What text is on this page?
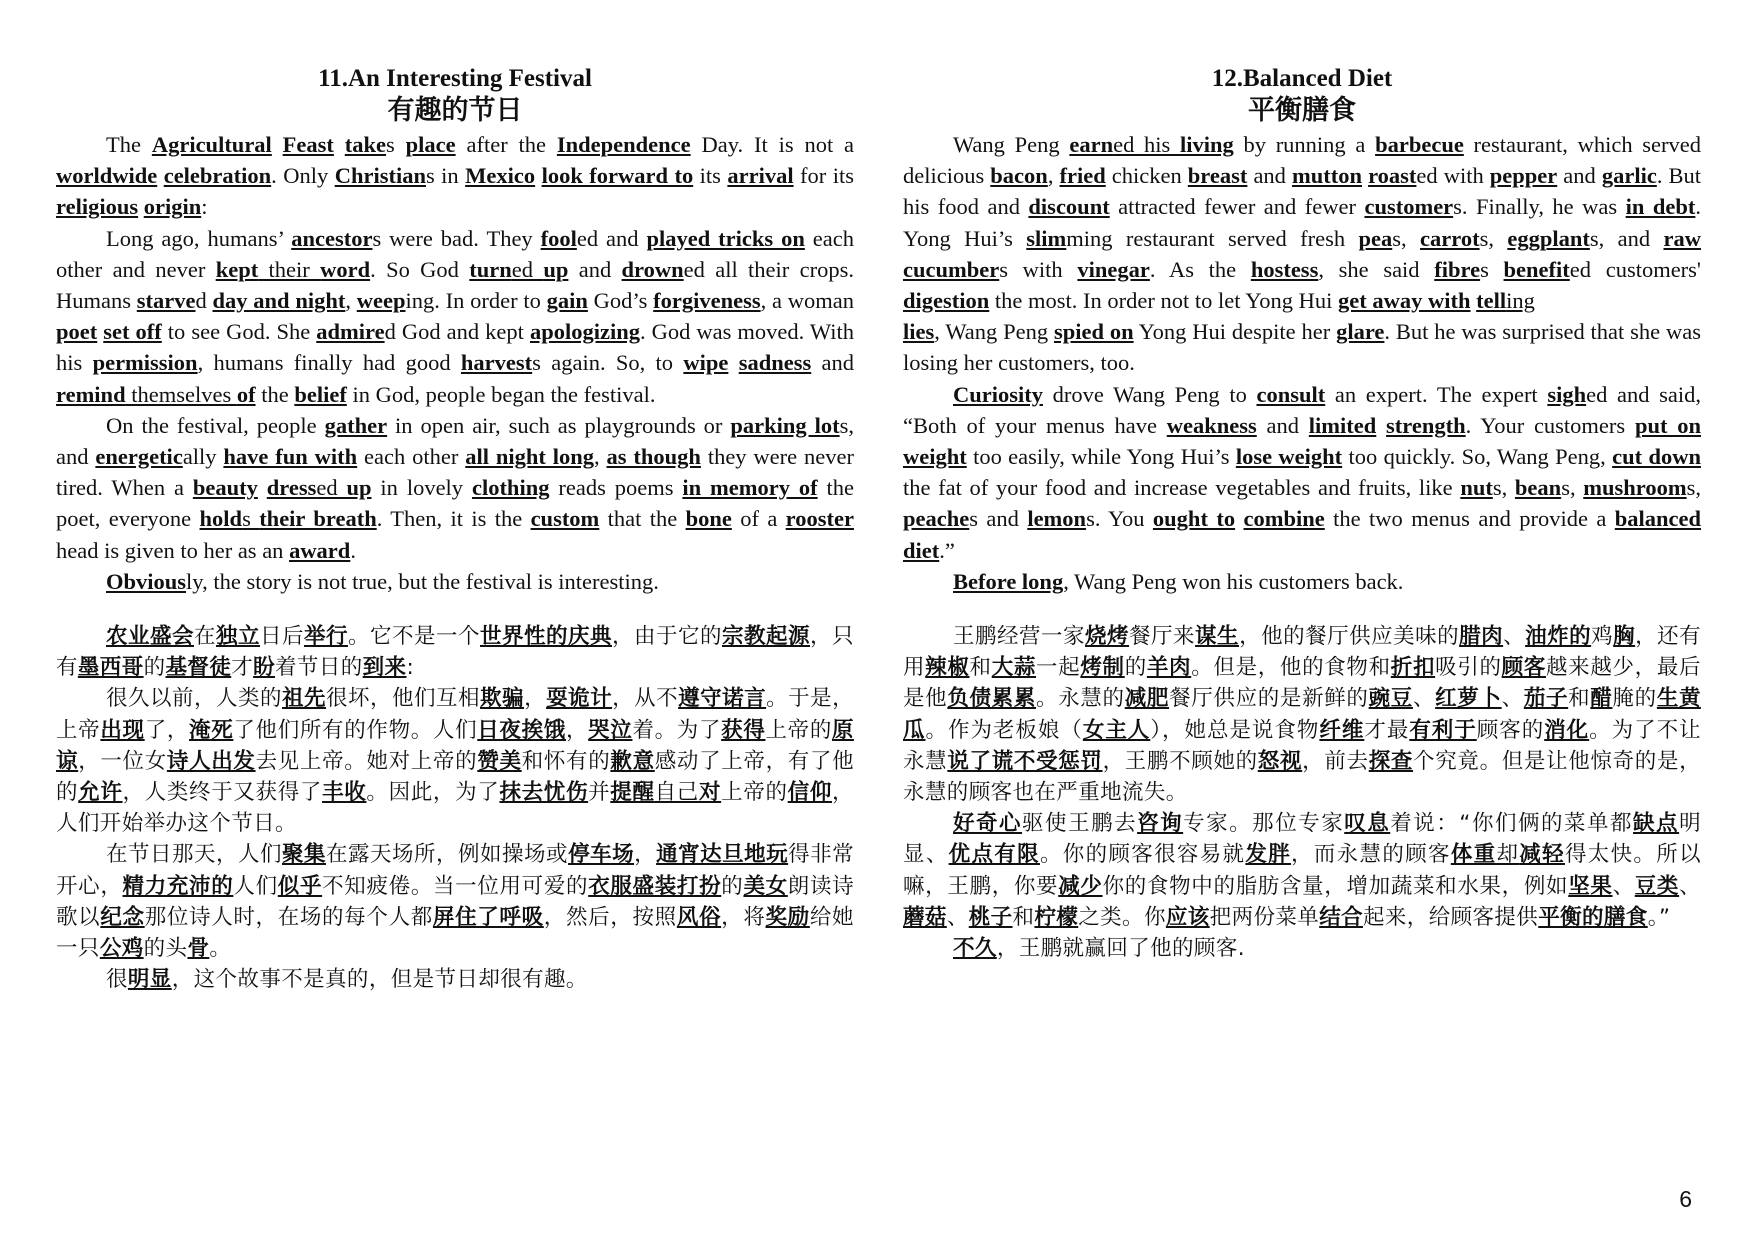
11.An Interesting Festival
有趣的节日

The Agricultural Feast takes place after the Independence Day. It is not a worldwide celebration. Only Christians in Mexico look forward to its arrival for its religious origin:

Long ago, humans’ ancestors were bad. They fooled and played tricks on each other and never kept their word. So God turned up and drowned all their crops. Humans starved day and night, weeping. In order to gain God’s forgiveness, a woman poet set off to see God. She admired God and kept apologizing. God was moved. With his permission, humans finally had good harvests again. So, to wipe sadness and remind themselves of the belief in God, people began the festival.

On the festival, people gather in open air, such as playgrounds or parking lots, and energetically have fun with each other all night long, as though they were never tired. When a beauty dressed up in lovely clothing reads poems in memory of the poet, everyone holds their breath. Then, it is the custom that the bone of a rooster head is given to her as an award.

Obviously, the story is not true, but the festival is interesting.

农业盛会在独立日后举行。它不是一个世界性的庆典，由于它的宗教起源，只有墨西哥的基督徒才盼着节日的到来:

很久以前，人类的祖先很坏，他们互相欺骗，耍诡计，从不遵守诺言。于是，上帝出现了，淹死了他们所有的作物。人们日夜挨饿，哭泣着。为了获得上帝的原谅，一位女诗人出发去见上帝。她对上帝的赞美和怀有的歉意感动了上帝，有了他的允许，人类终于又获得了丰收。因此，为了抹去忧伤并提醒自己对上帝的信仰，人们开始举办这个节日。

在节日那天，人们聚集在露天场所，例如操场或停车场，通宵达旦地玩得非常开心，精力充沛的人们似乎不知疲倦。当一位用可爱的衣服盛装打扮的美女朗读诗歌以纪念那位诗人时，在场的每个人都屏住了呼吸，然后，按照风俗，将奖励给她一只公鸡的头骨。

很明显，这个故事不是真的，但是节日却很有趣。

12.Balanced Diet
平衡膳食

Wang Peng earned his living by running a barbecue restaurant, which served delicious bacon, fried chicken breast and mutton roasted with pepper and garlic. But his food and discount attracted fewer and fewer customers. Finally, he was in debt. Yong Hui’s slimming restaurant served fresh peas, carrots, eggplants, and raw cucumbers with vinegar. As the hostess, she said fibres benefited customers' digestion the most. In order not to let Yong Hui get away with telling

lies, Wang Peng spied on Yong Hui despite her glare. But he was surprised that she was losing her customers, too.

Curiosity drove Wang Peng to consult an expert. The expert sighed and said, “Both of your menus have weakness and limited strength. Your customers put on weight too easily, while Yong Hui’s lose weight too quickly. So, Wang Peng, cut down the fat of your food and increase vegetables and fruits, like nuts, beans, mushrooms, peaches and lemons. You ought to combine the two menus and provide a balanced diet.”

Before long, Wang Peng won his customers back.

王鹏经营一家烧烤餐厅来谋生，他的餐厅供应美味的腊肉、油炸的鸡胸，还有用辣椒和大蒜一起烤制的羊肉。但是，他的食物和折扣吸引的顾客越来越少，最后是他负债累累。永慧的减肥餐厅供应的是新鲜的豌豆、红萝卜、茄子和醋腌的生黄瓜。作为老板娘（女主人），她总是说食物纤维才最有利于顾客的消化。为了不让永慧说了谎不受惩罚，王鹏不顾她的怒视，前去探查个究竟。但是让他惊奇的是，永慧的顾客也在严重地流失。

好奇心驱使王鹏去咨询专家。那位专家叹息着说：“你们俩的菜单都缺点明显、优点有限。你的顾客很容易就发胖，而永慧的顾客体重却减轻得太快。所以嘛，王鹏，你要减少你的食物中的脂肪含量，增加蔬菜和水果，例如坚果、豆类、蘑菇、桃子和柠檬之类。你应该把两份菜单结合起来，给顾客提供平衡的膳食。”

不久，王鹏就赢回了他的顾客.

6
